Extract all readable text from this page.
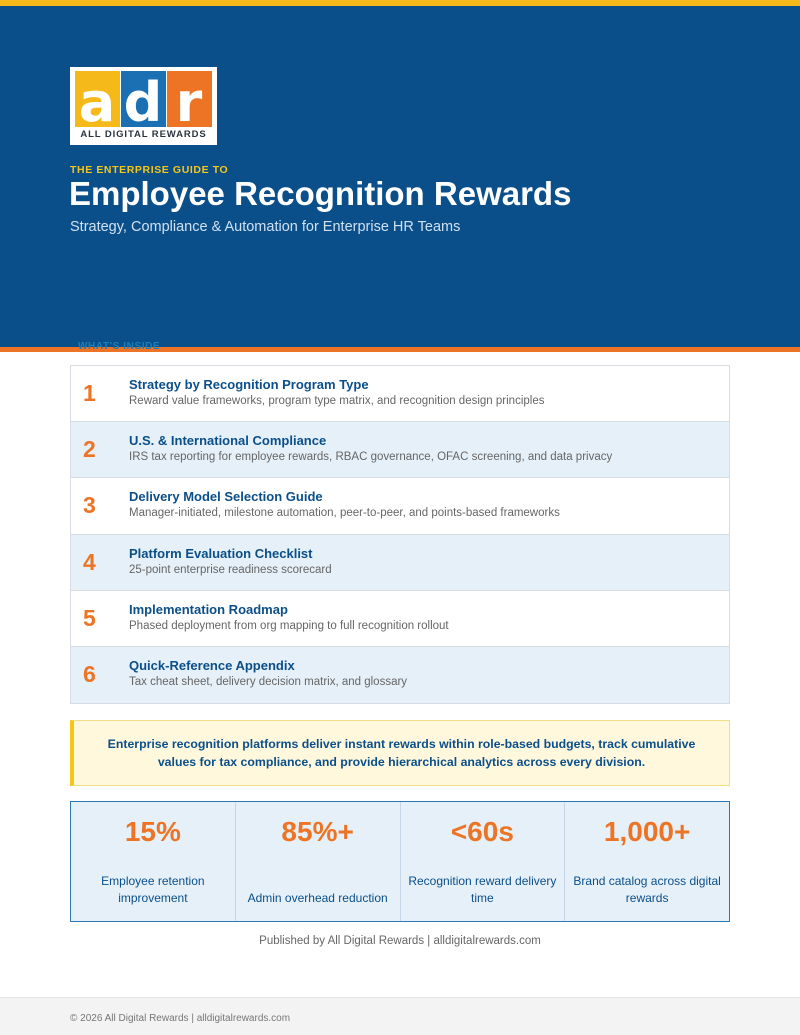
a d r
ALL DIGITAL REWARDS
THE ENTERPRISE GUIDE TO
Employee Recognition Rewards
Strategy, Compliance & Automation for Enterprise HR Teams
WHAT'S INSIDE
1	Strategy by Recognition Program Type
Reward value frameworks, program type matrix, and recognition design principles
2	U.S. & International Compliance
IRS tax reporting for employee rewards, RBAC governance, OFAC screening, and data privacy
3	Delivery Model Selection Guide
Manager-initiated, milestone automation, peer-to-peer, and points-based frameworks
4	Platform Evaluation Checklist
25-point enterprise readiness scorecard
5	Implementation Roadmap
Phased deployment from org mapping to full recognition rollout
6	Quick-Reference Appendix
Tax cheat sheet, delivery decision matrix, and glossary
Enterprise recognition platforms deliver instant rewards within role-based budgets, track cumulative values for tax compliance, and provide hierarchical analytics across every division.
15%
Employee retention improvement
85%+
Admin overhead reduction
<60s
Recognition reward delivery time
1,000+
Brand catalog across digital rewards
Published by All Digital Rewards | alldigitalrewards.com
© 2026 All Digital Rewards | alldigitalrewards.com
